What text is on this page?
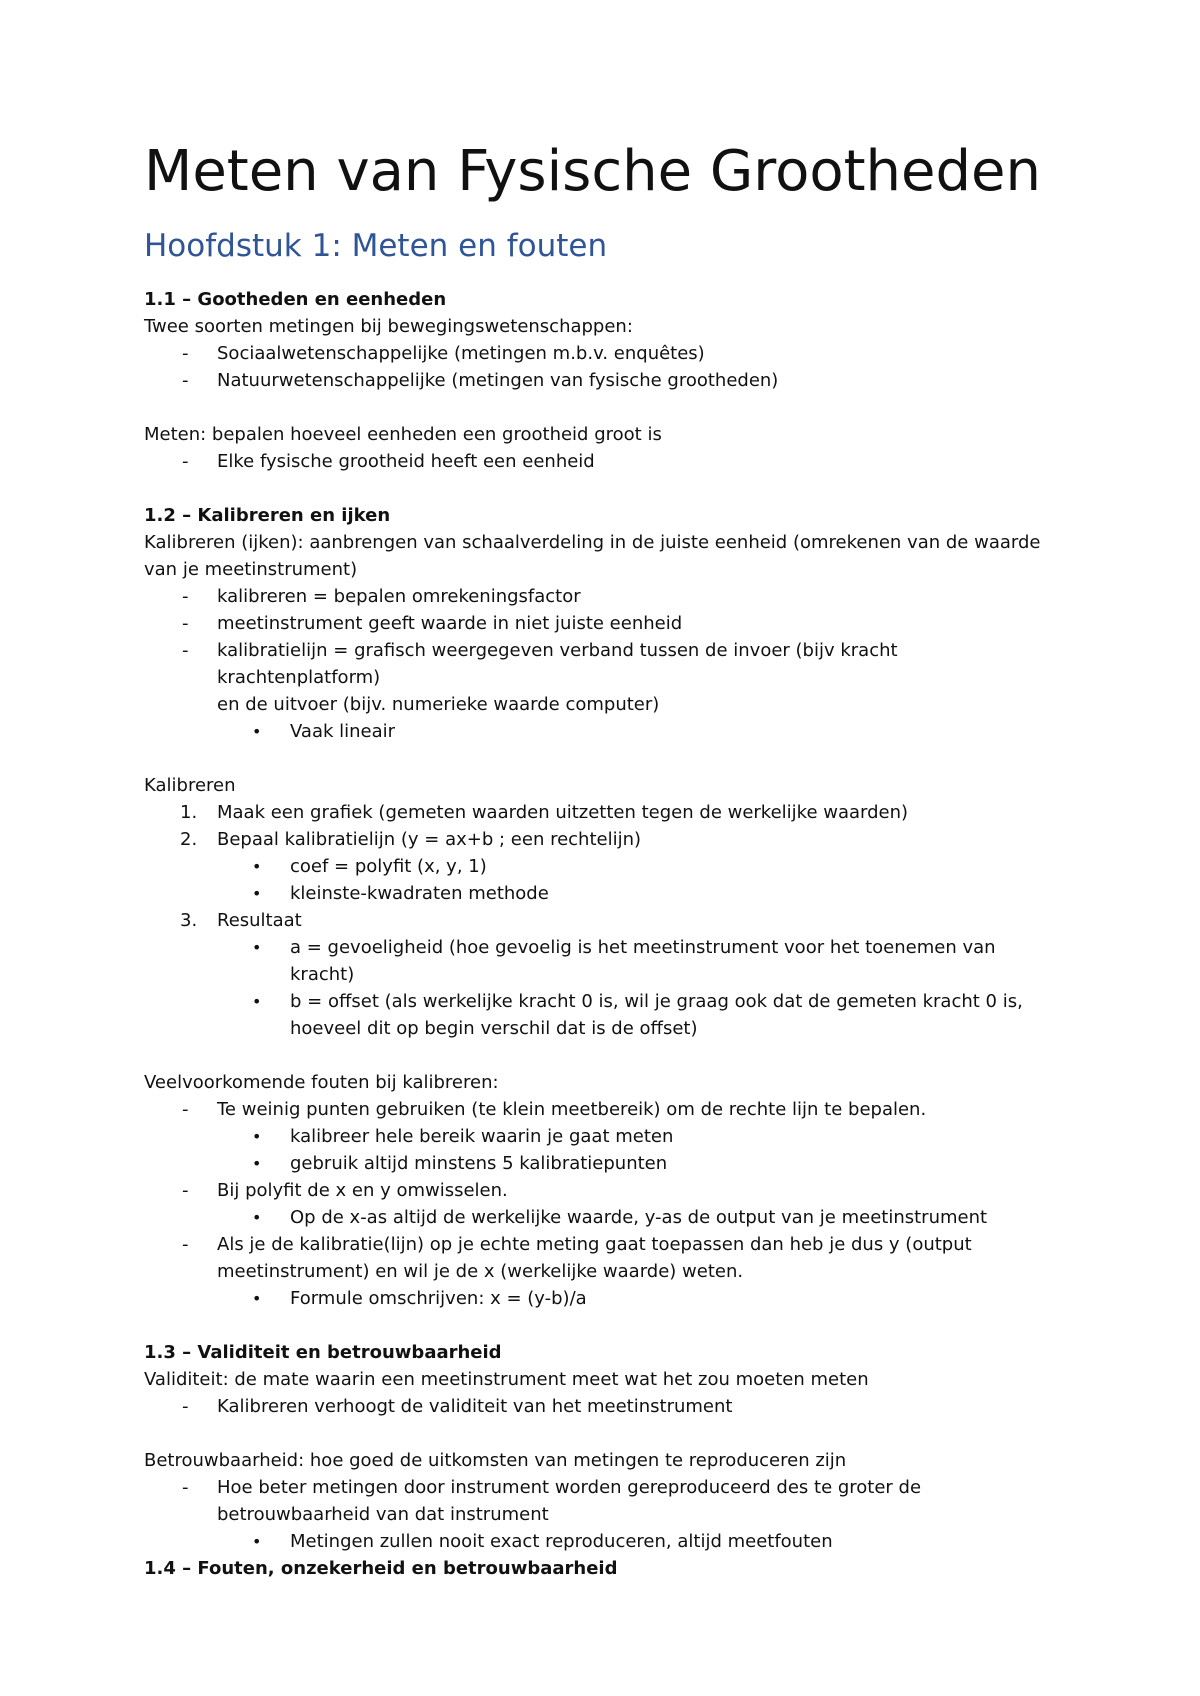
Meten van Fysische Grootheden
Hoofdstuk 1: Meten en fouten
1.1 – Gootheden en eenheden
Twee soorten metingen bij bewegingswetenschappen:
- Sociaalwetenschappelijke (metingen m.b.v. enquêtes)
- Natuurwetenschappelijke (metingen van fysische grootheden)
Meten: bepalen hoeveel eenheden een grootheid groot is
- Elke fysische grootheid heeft een eenheid
1.2 – Kalibreren en ijken
Kalibreren (ijken): aanbrengen van schaalverdeling in de juiste eenheid (omrekenen van de waarde
van je meetinstrument)
- kalibreren = bepalen omrekeningsfactor
- meetinstrument geeft waarde in niet juiste eenheid
- kalibratielijn = grafisch weergegeven verband tussen de invoer (bijv kracht krachtenplatform)
en de uitvoer (bijv. numerieke waarde computer)
• Vaak lineair
Kalibreren
1. Maak een grafiek (gemeten waarden uitzetten tegen de werkelijke waarden)
2. Bepaal kalibratielijn (y = ax+b ; een rechtelijn)
• coef = polyfit (x, y, 1)
• kleinste-kwadraten methode
3. Resultaat
• a = gevoeligheid (hoe gevoelig is het meetinstrument voor het toenemen van kracht)
• b = offset (als werkelijke kracht 0 is, wil je graag ook dat de gemeten kracht 0 is,
hoeveel dit op begin verschil dat is de offset)
Veelvoorkomende fouten bij kalibreren:
- Te weinig punten gebruiken (te klein meetbereik) om de rechte lijn te bepalen.
• kalibreer hele bereik waarin je gaat meten
• gebruik altijd minstens 5 kalibratiepunten
- Bij polyfit de x en y omwisselen.
• Op de x-as altijd de werkelijke waarde, y-as de output van je meetinstrument
- Als je de kalibratie(lijn) op je echte meting gaat toepassen dan heb je dus y (output
meetinstrument) en wil je de x (werkelijke waarde) weten.
• Formule omschrijven: x = (y-b)/a
1.3 – Validiteit en betrouwbaarheid
Validiteit: de mate waarin een meetinstrument meet wat het zou moeten meten
- Kalibreren verhoogt de validiteit van het meetinstrument
Betrouwbaarheid: hoe goed de uitkomsten van metingen te reproduceren zijn
- Hoe beter metingen door instrument worden gereproduceerd des te groter de
betrouwbaarheid van dat instrument
• Metingen zullen nooit exact reproduceren, altijd meetfouten
1.4 – Fouten, onzekerheid en betrouwbaarheid
